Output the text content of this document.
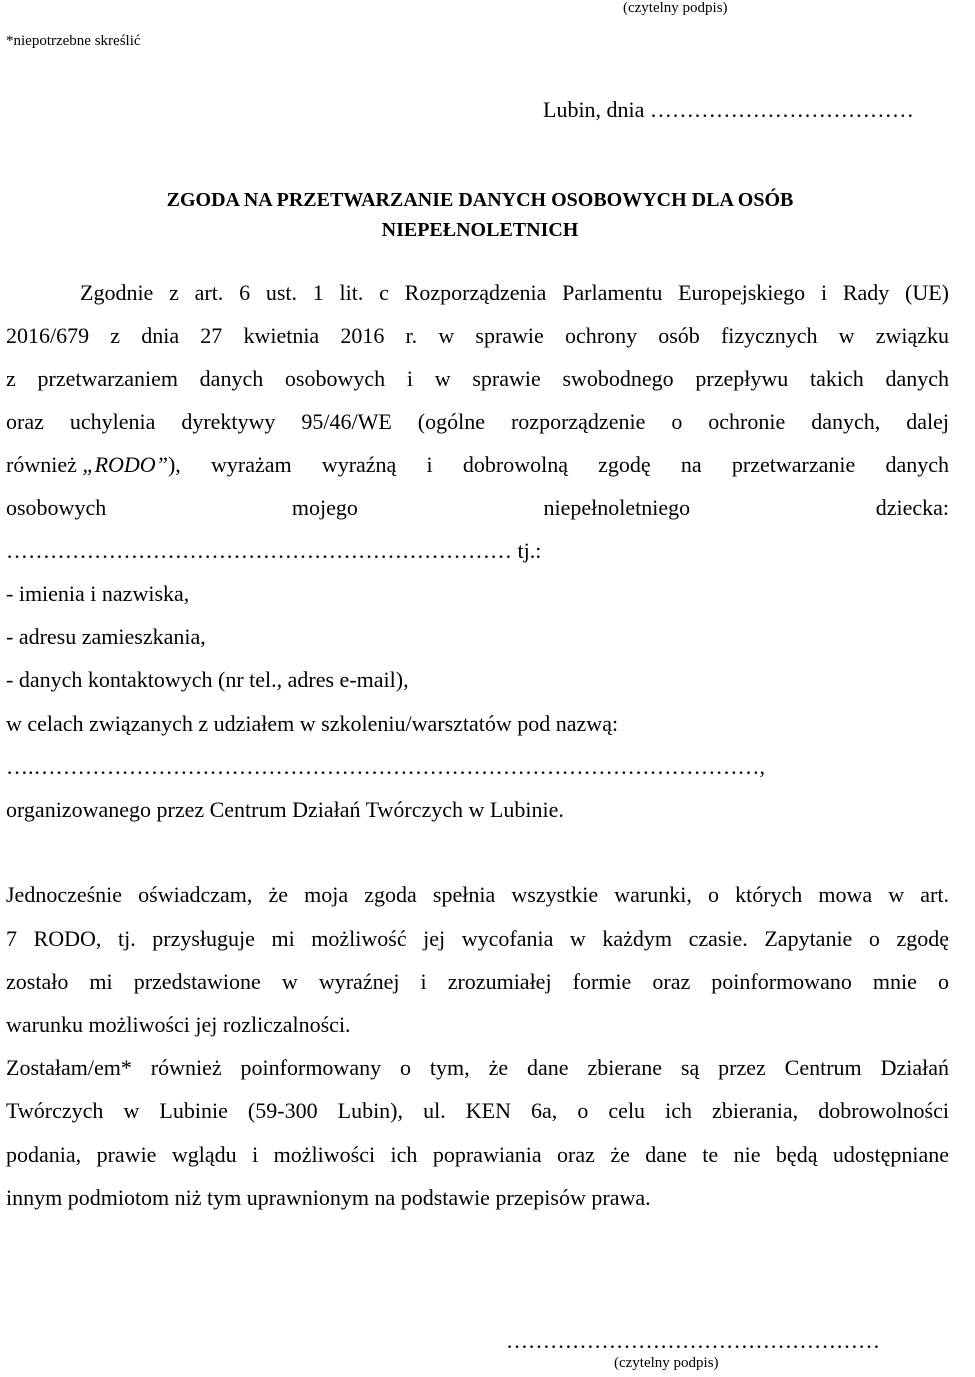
(czytelny podpis)
*niepotrzebne skreślić
Lubin, dnia ………………………………
ZGODA NA PRZETWARZANIE DANYCH OSOBOWYCH DLA OSÓB
NIEPEŁNOLETNICH
Zgodnie z art. 6 ust. 1 lit. c Rozporządzenia Parlamentu Europejskiego i Rady (UE)
2016/679 z dnia 27 kwietnia 2016 r. w sprawie ochrony osób fizycznych w związku
z przetwarzaniem danych osobowych i w sprawie swobodnego przepływu takich danych
oraz uchylenia dyrektywy 95/46/WE (ogólne rozporządzenie o ochronie danych, dalej
również „RODO” ), wyrażam wyraźną i dobrowolną zgodę na przetwarzanie danych
osobowych mojego niepełnoletniego dziecka:
…………………………………………………………… tj.:
- imienia i nazwiska,
- adresu zamieszkania,
- danych kontaktowych (nr tel., adres e-mail),
w celach związanych z udziałem w szkoleniu/warsztatów pod nazwą:
….………………………………………………………………………………………,
organizowanego przez Centrum Działań Twórczych w Lubinie.
Jednocześnie oświadczam, że moja zgoda spełnia wszystkie warunki, o których mowa w art.
7 RODO, tj. przysługuje mi możliwość jej wycofania w każdym czasie. Zapytanie o zgodę
zostało mi przedstawione w wyraźnej i zrozumiałej formie oraz poinformowano mnie o
warunku możliwości jej rozliczalności.
Zostałam/em* również poinformowany o tym, że dane zbierane są przez Centrum Działań
Twórczych w Lubinie (59-300 Lubin), ul. KEN 6a, o celu ich zbierania, dobrowolności
podania, prawie wglądu i możliwości ich poprawiania oraz że dane te nie będą udostępniane
innym podmiotom niż tym uprawnionym na podstawie przepisów prawa.
……………………………………………
(czytelny podpis)
